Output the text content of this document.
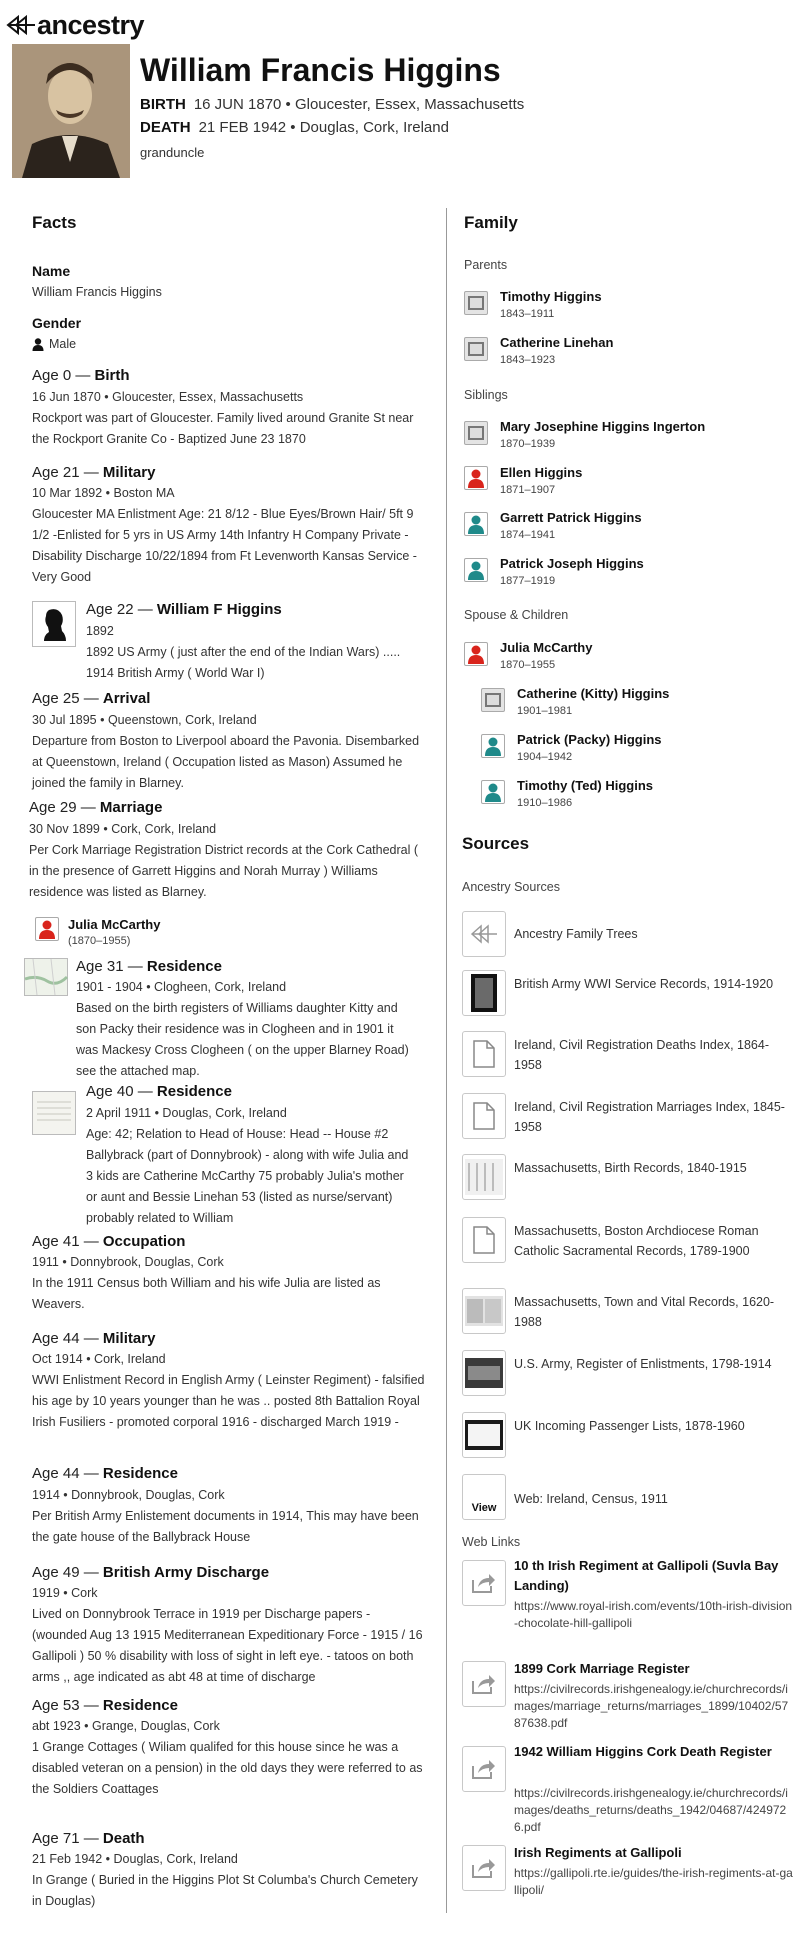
ancestry
William Francis Higgins
BIRTH 16 JUN 1870 • Gloucester, Essex, Massachusetts
DEATH 21 FEB 1942 • Douglas, Cork, Ireland
granduncle
Facts
Name
William Francis Higgins
Gender
Male
Age 0 — Birth
16 Jun 1870 • Gloucester, Essex, Massachusetts
Rockport was part of Gloucester. Family lived around Granite St near the Rockport Granite Co - Baptized June 23 1870
Age 21 — Military
10 Mar 1892 • Boston MA
Gloucester MA Enlistment Age: 21 8/12 - Blue Eyes/Brown Hair/ 5ft 9 1/2 -Enlisted for 5 yrs in US Army 14th Infantry H Company Private - Disability Discharge 10/22/1894 from Ft Levenworth Kansas Service - Very Good
Age 22 — William F Higgins
1892
1892 US Army ( just after the end of the Indian Wars) ..... 1914 British Army ( World War I)
Age 25 — Arrival
30 Jul 1895 • Queenstown, Cork, Ireland
Departure from Boston to Liverpool aboard the Pavonia. Disembarked at Queenstown, Ireland ( Occupation listed as Mason) Assumed he joined the family in Blarney.
Age 29 — Marriage
30 Nov 1899 • Cork, Cork, Ireland
Per Cork Marriage Registration District records at the Cork Cathedral ( in the presence of Garrett Higgins and Norah Murray ) Williams residence was listed as Blarney.
Julia McCarthy
(1870–1955)
Age 31 — Residence
1901 - 1904 • Clogheen, Cork, Ireland
Based on the birth registers of Williams daughter Kitty and son Packy their residence was in Clogheen and in 1901 it was Mackesy Cross Clogheen ( on the upper Blarney Road) see the attached map.
Age 40 — Residence
2 April 1911 • Douglas, Cork, Ireland
Age: 42; Relation to Head of House: Head -- House #2 Ballybrack (part of Donnybrook) - along with wife Julia and 3 kids are Catherine McCarthy 75 probably Julia's mother or aunt and Bessie Linehan 53 (listed as nurse/servant) probably related to William
Age 41 — Occupation
1911 • Donnybrook, Douglas, Cork
In the 1911 Census both William and his wife Julia are listed as Weavers.
Age 44 — Military
Oct 1914 • Cork, Ireland
WWI Enlistment Record in English Army ( Leinster Regiment) - falsified his age by 10 years younger than he was .. posted 8th Battalion Royal Irish Fusiliers - promoted corporal 1916 - discharged March 1919 -
Age 44 — Residence
1914 • Donnybrook, Douglas, Cork
Per British Army Enlistement documents in 1914, This may have been the gate house of the Ballybrack House
Age 49 — British Army Discharge
1919 • Cork
Lived on Donnybrook Terrace in 1919 per Discharge papers - (wounded Aug 13 1915 Mediterranean Expeditionary Force - 1915 / 16 Gallipoli ) 50 % disability with loss of sight in left eye. - tatoos on both arms ,, age indicated as abt 48 at time of discharge
Age 53 — Residence
abt 1923 • Grange, Douglas, Cork
1 Grange Cottages ( Wiliam qualifed for this house since he was a disabled veteran on a pension) in the old days they were referred to as the Soldiers Coattages
Age 71 — Death
21 Feb 1942 • Douglas, Cork, Ireland
In Grange ( Buried in the Higgins Plot St Columba's Church Cemetery in Douglas)
Family
Parents
Timothy Higgins
1843–1911
Catherine Linehan
1843–1923
Siblings
Mary Josephine Higgins Ingerton
1870–1939
Ellen Higgins
1871–1907
Garrett Patrick Higgins
1874–1941
Patrick Joseph Higgins
1877–1919
Spouse & Children
Julia McCarthy
1870–1955
Catherine (Kitty) Higgins
1901–1981
Patrick (Packy) Higgins
1904–1942
Timothy (Ted) Higgins
1910–1986
Sources
Ancestry Sources
Ancestry Family Trees
British Army WWI Service Records, 1914-1920
Ireland, Civil Registration Deaths Index, 1864-1958
Ireland, Civil Registration Marriages Index, 1845-1958
Massachusetts, Birth Records, 1840-1915
Massachusetts, Boston Archdiocese Roman Catholic Sacramental Records, 1789-1900
Massachusetts, Town and Vital Records, 1620-1988
U.S. Army, Register of Enlistments, 1798-1914
UK Incoming Passenger Lists, 1878-1960
View
Web: Ireland, Census, 1911
Web Links
10 th Irish Regiment at Gallipoli (Suvla Bay Landing)
https://www.royal-irish.com/events/10th-irish-division-chocolate-hill-gallipoli
1899 Cork Marriage Register
https://civilrecords.irishgenealogy.ie/churchrecords/images/marriage_returns/marriages_1899/10402/5787638.pdf
1942 William Higgins Cork Death Register
https://civilrecords.irishgenealogy.ie/churchrecords/images/deaths_returns/deaths_1942/04687/4249726.pdf
Irish Regiments at Gallipoli
https://gallipoli.rte.ie/guides/the-irish-regiments-at-gallipoli/
